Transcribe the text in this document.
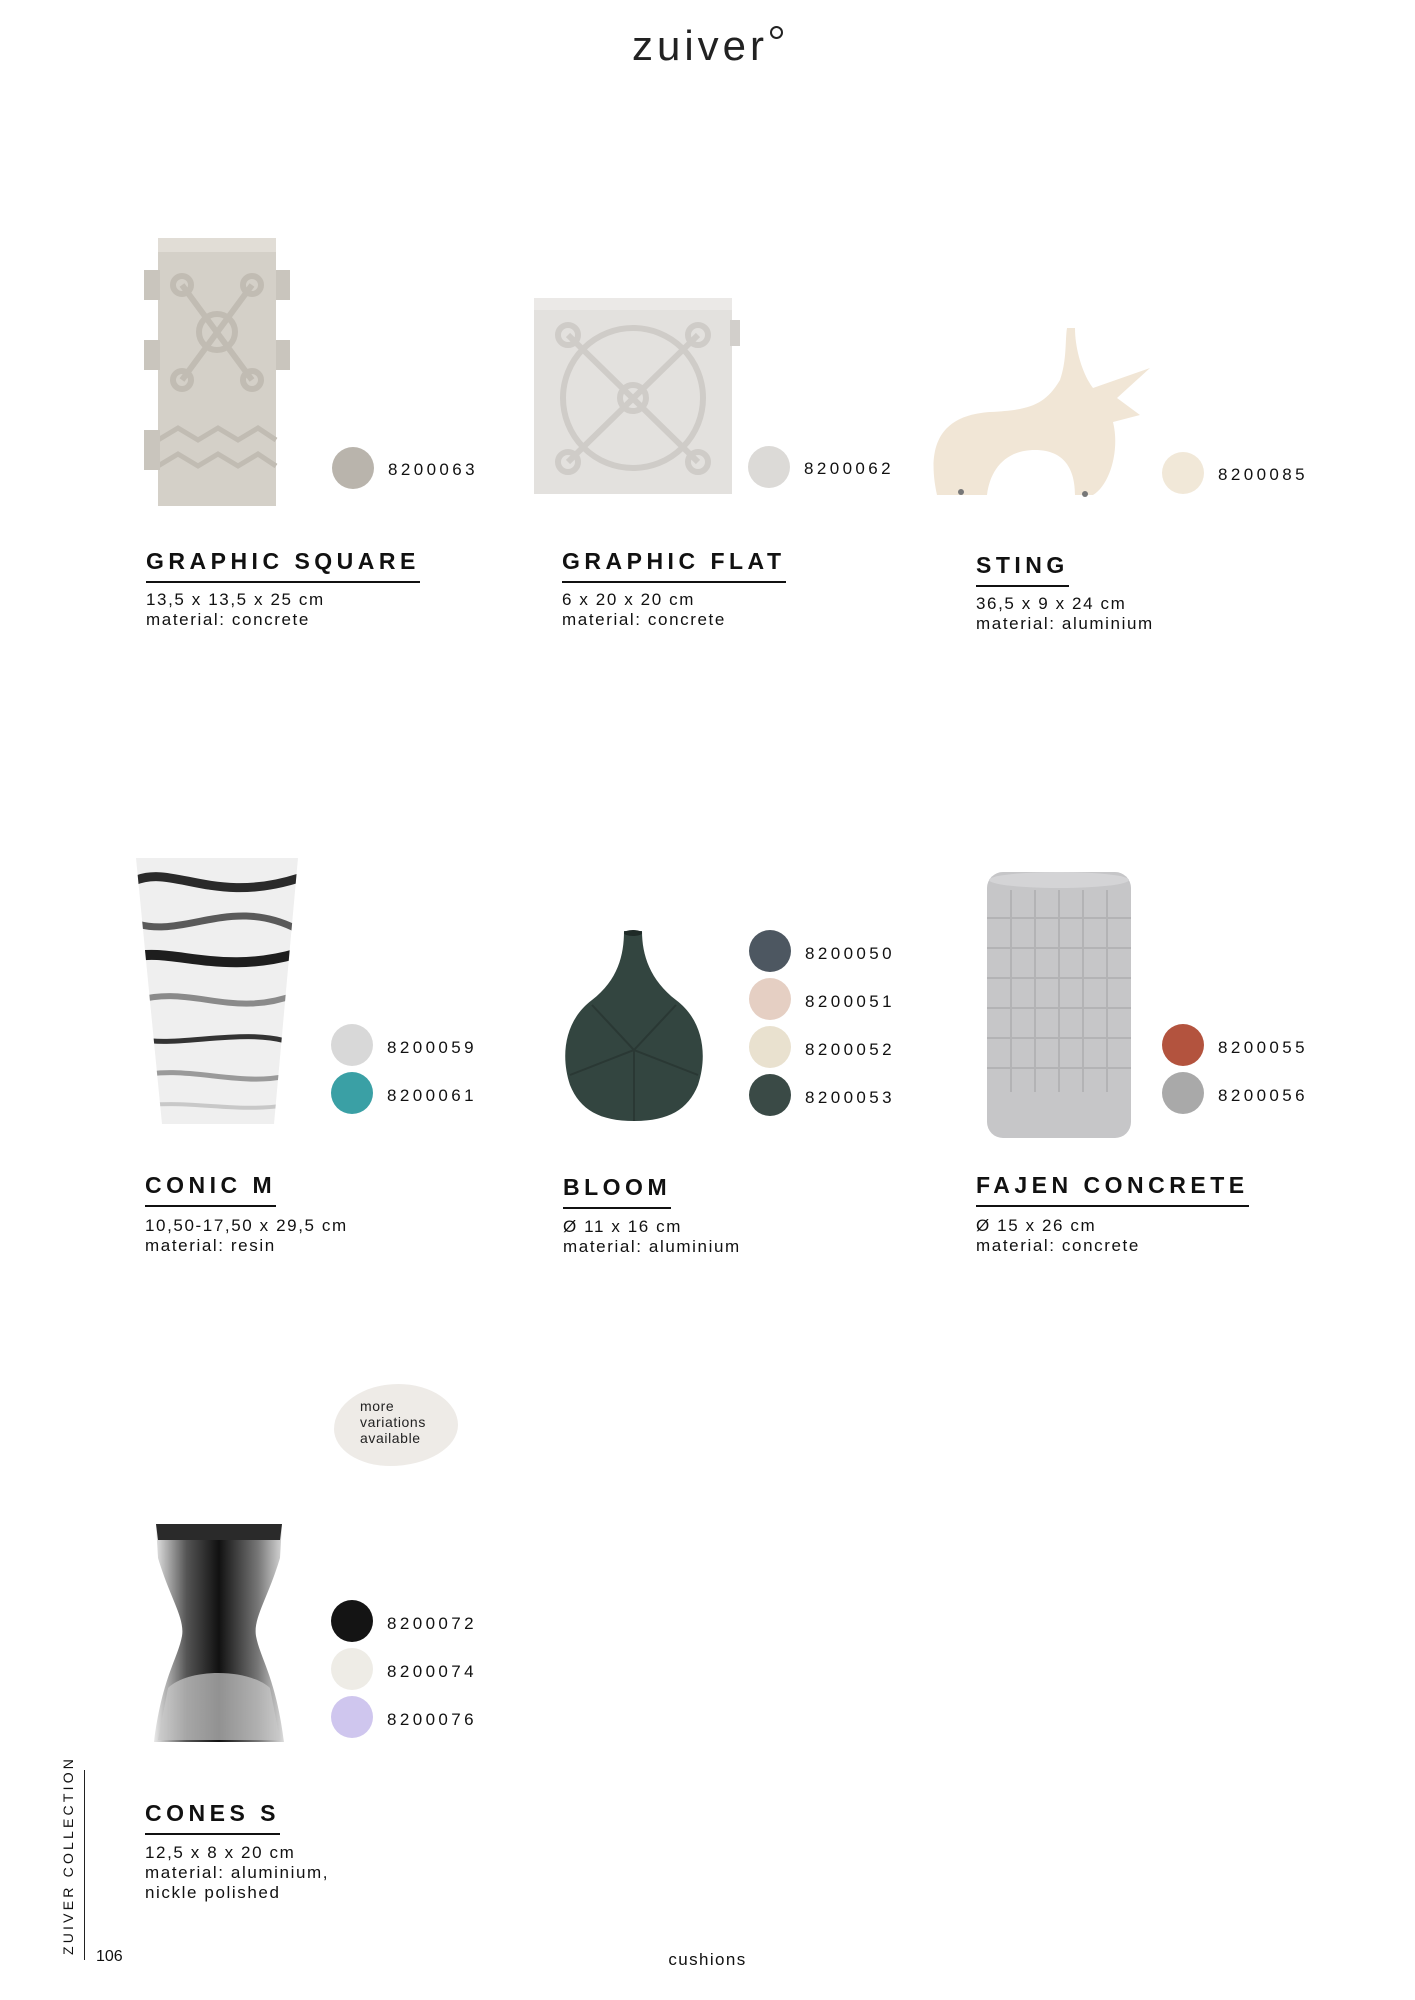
zuiver
8200063
GRAPHIC SQUARE
13,5 x 13,5 x 25 cm
material: concrete
8200062
GRAPHIC FLAT
6 x 20 x 20 cm
material: concrete
8200085
STING
36,5 x 9 x 24 cm
material: aluminium
8200059
8200061
CONIC M
10,50-17,50 x 29,5 cm
material: resin
8200050
8200051
8200052
8200053
BLOOM
Ø 11 x 16 cm
material: aluminium
8200055
8200056
FAJEN CONCRETE
Ø 15 x 26 cm
material: concrete
more
variations
available
8200072
8200074
8200076
CONES S
12,5 x 8 x 20 cm
material: aluminium,
nickle polished
ZUIVER COLLECTION
106	cushions
